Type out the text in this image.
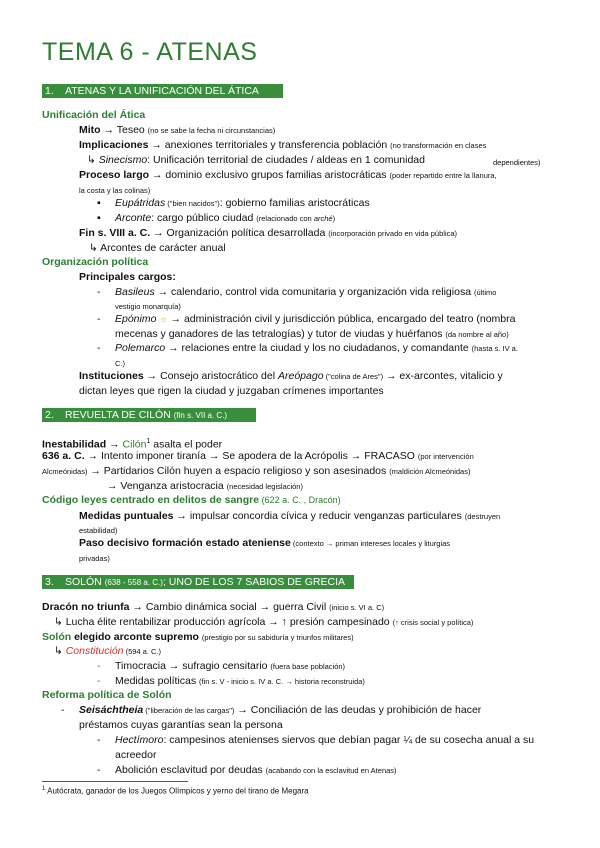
TEMA 6 - ATENAS
1. ATENAS Y LA UNIFICACIÓN DEL ÁTICA
Unificación del Ática
Mito → Teseo (no se sabe la fecha ni circunstancias)
Implicaciones → anexiones territoriales y transferencia población (no transformación en clases
↳ Sinecismo: Unificación territorial de ciudades / aldeas en 1 comunidad	dependientes)
Proceso largo → dominio exclusivo grupos familias aristocráticas (poder repartido entre la llanura,
la costa y las colinas)
▪ Eupátridas ("bien nacidos"): gobierno familias aristocráticas
▪ Arconte: cargo público ciudad (relacionado con arché)
Fin s. VIII a. C. → Organización política desarrollada (incorporación privado en vida pública)
↳ Arcontes de carácter anual
Organización política
Principales cargos:
- Basileus → calendario, control vida comunitaria y organización vida religiosa (último
vestigio monarquía)
- Epónimo ☼ → administración civil y jurisdicción pública, encargado del teatro (nombra
mecenas y ganadores de las tetralogías) y tutor de viudas y huérfanos (da nombre al año)
- Polemarco → relaciones entre la ciudad y los no ciudadanos, y comandante (hasta s. IV a.
C.)
Instituciones → Consejo aristocrático del Areópago ("colina de Ares") → ex-arcontes, vitalicio y
dictan leyes que rigen la ciudad y juzgaban crímenes importantes
2. REVUELTA DE CILÓN (fin s. VII a. C.)
Inestabilidad → Cilón$^1$ asalta el poder
636 a. C. → Intento imponer tiranía → Se apodera de la Acrópolis → FRACASO (por intervención
Alcmeónidas) → Partidarios Cilón huyen a espacio religioso y son asesinados (maldición Alcmeónidas)
→ Venganza aristocracia (necesidad legislación)
Código leyes centrado en delitos de sangre (622 a. C. , Dracón)
Medidas puntuales → impulsar concordia cívica y reducir venganzas particulares (destruyen
estabilidad)
Paso decisivo formación estado ateniense (contexto → priman intereses locales y liturgias
privadas)
3. SOLÓN (638 - 558 a. C.); UNO DE LOS 7 SABIOS DE GRECIA
Dracón no triunfa → Cambio dinámica social → guerra Civil (inicio s. VI a. C)
↳ Lucha élite rentabilizar producción agrícola → ↑ presión campesinado (↑ crisis social y política)
Solón elegido arconte supremo (prestigio por su sabiduría y triunfos militares)
↳ Constitución (594 a. C.)
- Timocracia → sufragio censitario (fuera base población)
- Medidas políticas (fin s. V - inicio s. IV a. C. → historia reconstruida)
Reforma política de Solón
- Seisáchtheia ("liberación de las cargas") → Conciliación de las deudas y prohibición de hacer
préstamos cuyas garantías sean la persona
- Hectímoro: campesinos atenienses siervos que debían pagar ¼ de su cosecha anual a su
acreedor
- Abolición esclavitud por deudas (acabando con la esclavitud en Atenas)
$^1$ Autócrata, ganador de los Juegos Olímpicos y yerno del tirano de Megara
